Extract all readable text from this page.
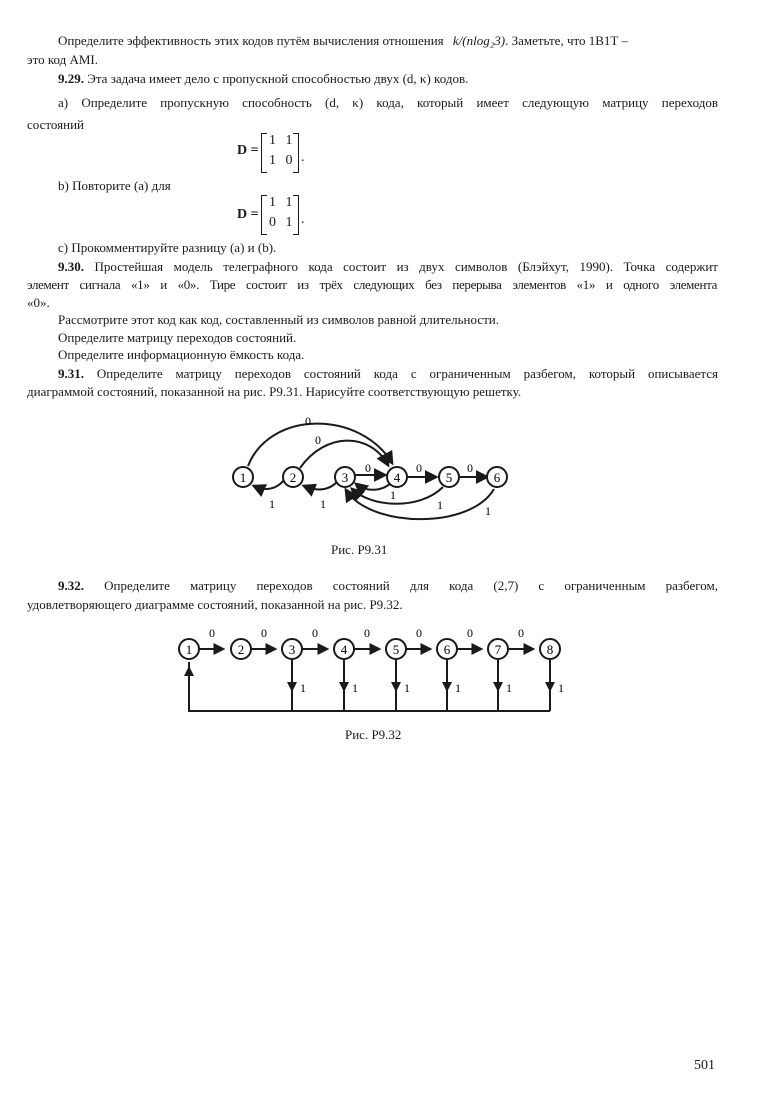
Определите эффективность этих кодов путём вычисления отношения k/(nlog₂3). Заметьте, что 1В1Т –
это код AMI.
9.29. Эта задача имеет дело с пропускной способностью двух (d, κ) кодов.
a) Определите пропускную способность (d, κ) кода, который имеет следующую матрицу переходов
состояний
D =
1 1
1 0 .
b) Повторите (a) для
D =
1 1
0 1 .
c) Прокомментируйте разницу (a) и (b).
9.30. Простейшая модель телеграфного кода состоит из двух символов (Блэйхут, 1990). Точка содержит
элемент сигнала «1» и «0». Тире состоит из трёх следующих без перерыва элементов «1» и одного элемента
«0».
Рассмотрите этот код как код, составленный из символов равной длительности.
Определите матрицу переходов состояний.
Определите информационную ёмкость кода.
9.31. Определите матрицу переходов состояний кода с ограниченным разбегом, который описывается
диаграммой состояний, показанной на рис. Р9.31. Нарисуйте соответствующую решетку.
0
0
0	0	0
1	1
1
1	1
1	2	3	4	5	6
Рис. Р9.31
9.32. Определите матрицу переходов состояний для кода (2,7) с ограниченным разбегом,
удовлетворяющего диаграмме состояний, показанной на рис. Р9.32.
0	0	0	0	0	0	0
1	1	1	1	1	1
1	2	3	4	5	6	7	8
Рис. Р9.32
501
